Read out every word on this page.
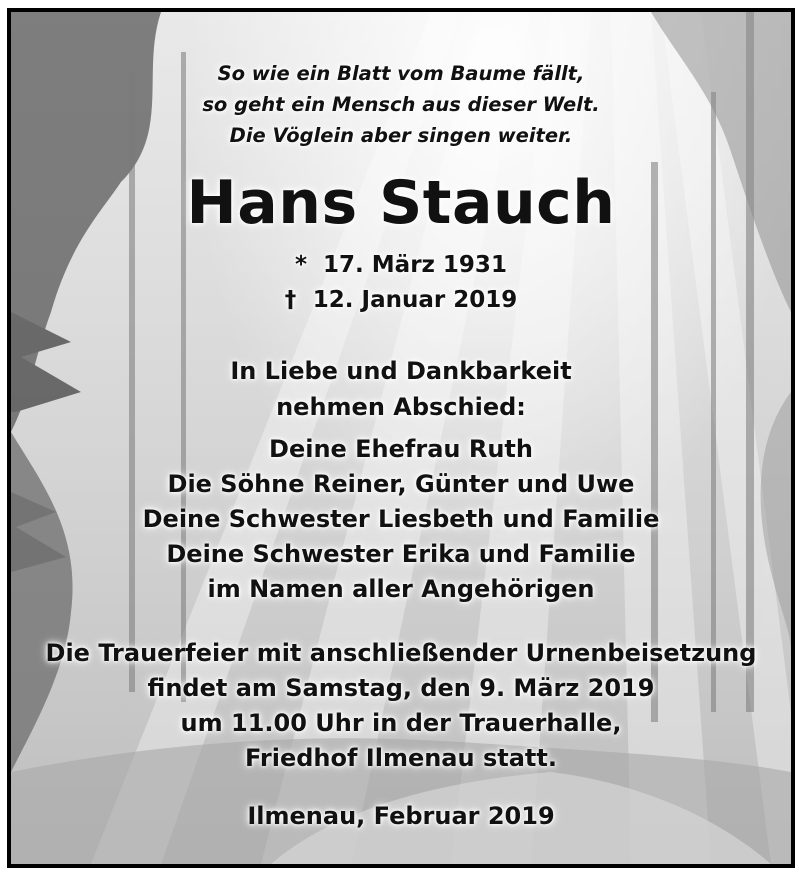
So wie ein Blatt vom Baume fällt,
so geht ein Mensch aus dieser Welt.
Die Vöglein aber singen weiter.
Hans Stauch
* 17. März 1931
† 12. Januar 2019
In Liebe und Dankbarkeit
nehmen Abschied:
Deine Ehefrau Ruth
Die Söhne Reiner, Günter und Uwe
Deine Schwester Liesbeth und Familie
Deine Schwester Erika und Familie
im Namen aller Angehörigen
Die Trauerfeier mit anschließender Urnenbeisetzung
findet am Samstag, den 9. März 2019
um 11.00 Uhr in der Trauerhalle,
Friedhof Ilmenau statt.
Ilmenau, Februar 2019
